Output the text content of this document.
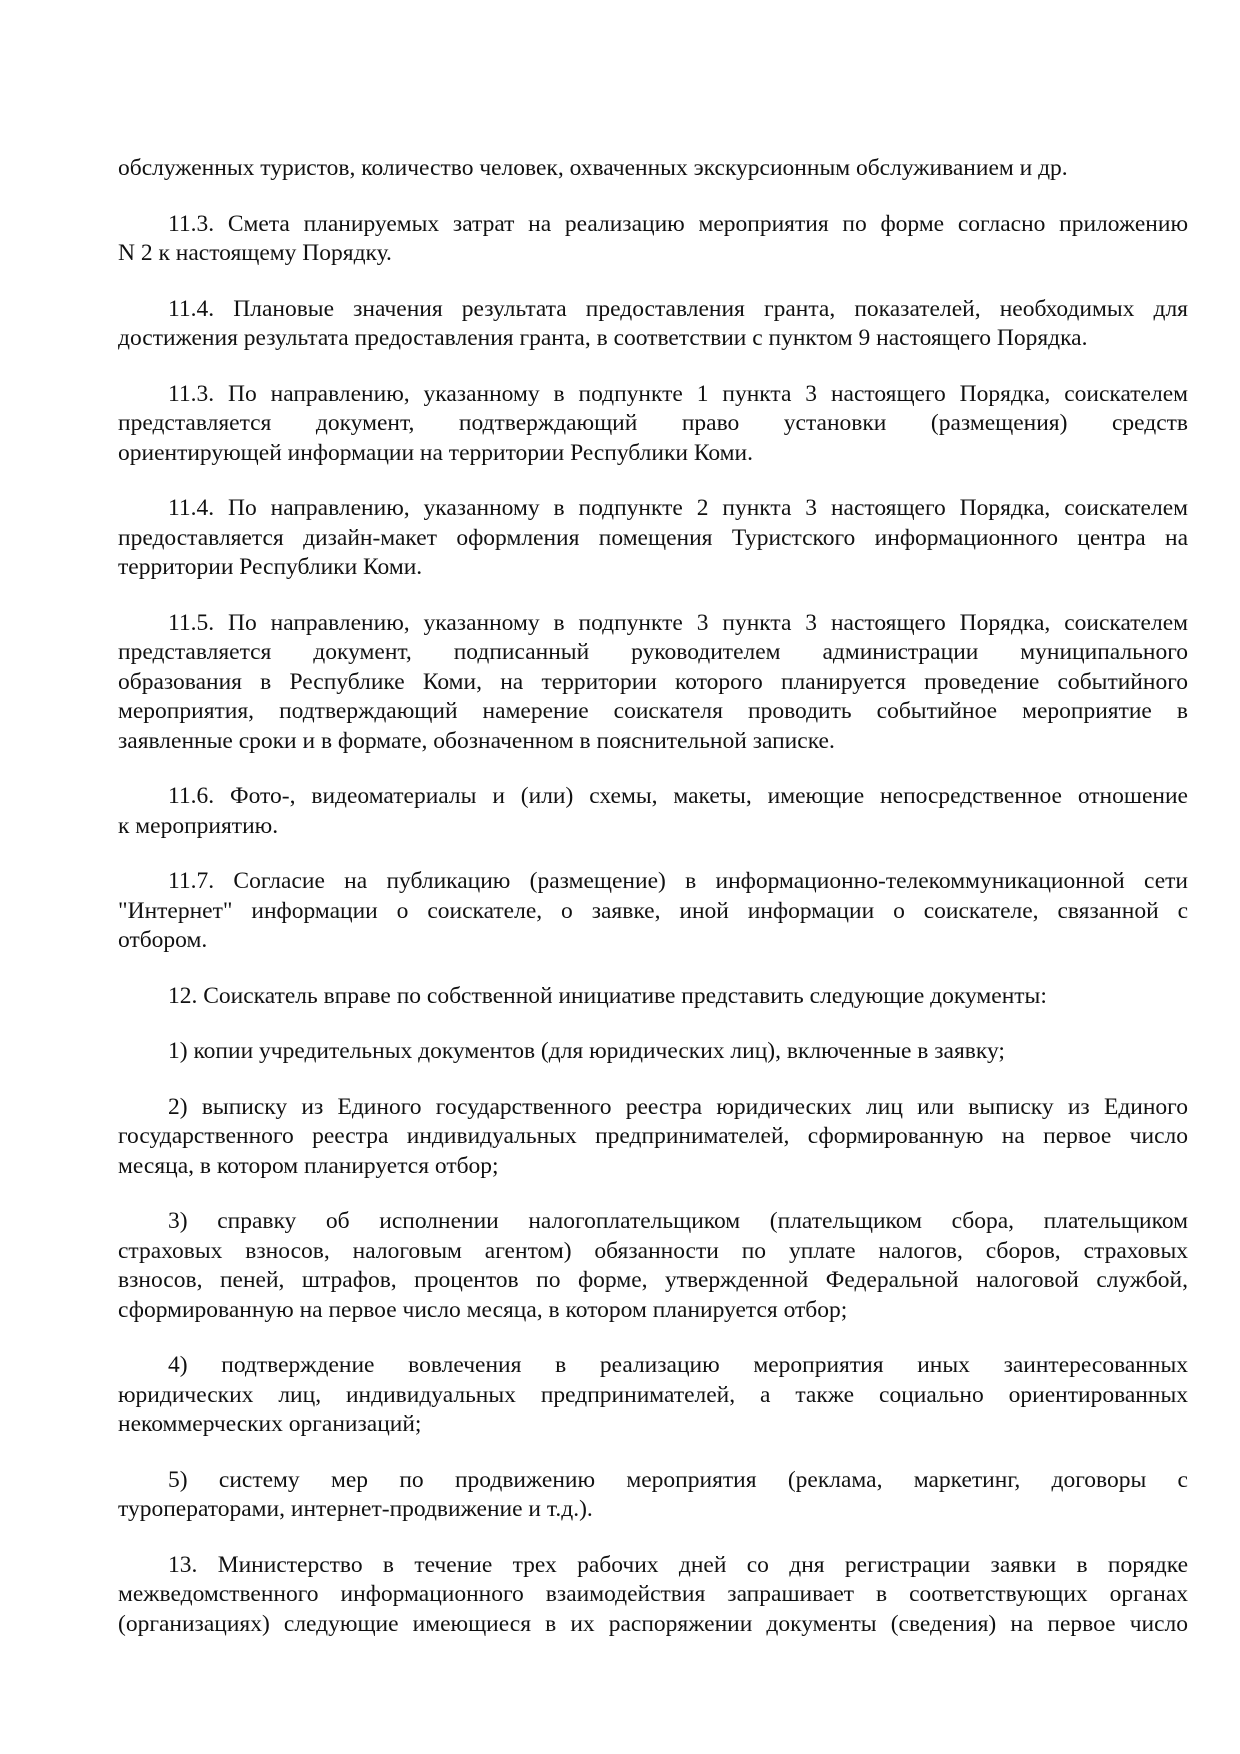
обслуженных туристов, количество человек, охваченных экскурсионным обслуживанием и др.
11.3. Смета планируемых затрат на реализацию мероприятия по форме согласно приложению
N 2 к настоящему Порядку.
11.4. Плановые значения результата предоставления гранта, показателей, необходимых для
достижения результата предоставления гранта, в соответствии с пунктом 9 настоящего Порядка.
11.3. По направлению, указанному в подпункте 1 пункта 3 настоящего Порядка, соискателем
представляется документ, подтверждающий право установки (размещения) средств
ориентирующей информации на территории Республики Коми.
11.4. По направлению, указанному в подпункте 2 пункта 3 настоящего Порядка, соискателем
предоставляется дизайн-макет оформления помещения Туристского информационного центра на
территории Республики Коми.
11.5. По направлению, указанному в подпункте 3 пункта 3 настоящего Порядка, соискателем
представляется документ, подписанный руководителем администрации муниципального
образования в Республике Коми, на территории которого планируется проведение событийного
мероприятия, подтверждающий намерение соискателя проводить событийное мероприятие в
заявленные сроки и в формате, обозначенном в пояснительной записке.
11.6. Фото-, видеоматериалы и (или) схемы, макеты, имеющие непосредственное отношение
к мероприятию.
11.7. Согласие на публикацию (размещение) в информационно-телекоммуникационной сети
"Интернет" информации о соискателе, о заявке, иной информации о соискателе, связанной с
отбором.
12. Соискатель вправе по собственной инициативе представить следующие документы:
1) копии учредительных документов (для юридических лиц), включенные в заявку;
2) выписку из Единого государственного реестра юридических лиц или выписку из Единого
государственного реестра индивидуальных предпринимателей, сформированную на первое число
месяца, в котором планируется отбор;
3) справку об исполнении налогоплательщиком (плательщиком сбора, плательщиком
страховых взносов, налоговым агентом) обязанности по уплате налогов, сборов, страховых
взносов, пеней, штрафов, процентов по форме, утвержденной Федеральной налоговой службой,
сформированную на первое число месяца, в котором планируется отбор;
4) подтверждение вовлечения в реализацию мероприятия иных заинтересованных
юридических лиц, индивидуальных предпринимателей, а также социально ориентированных
некоммерческих организаций;
5) систему мер по продвижению мероприятия (реклама, маркетинг, договоры с
туроператорами, интернет-продвижение и т.д.).
13. Министерство в течение трех рабочих дней со дня регистрации заявки в порядке
межведомственного информационного взаимодействия запрашивает в соответствующих органах
(организациях) следующие имеющиеся в их распоряжении документы (сведения) на первое число
